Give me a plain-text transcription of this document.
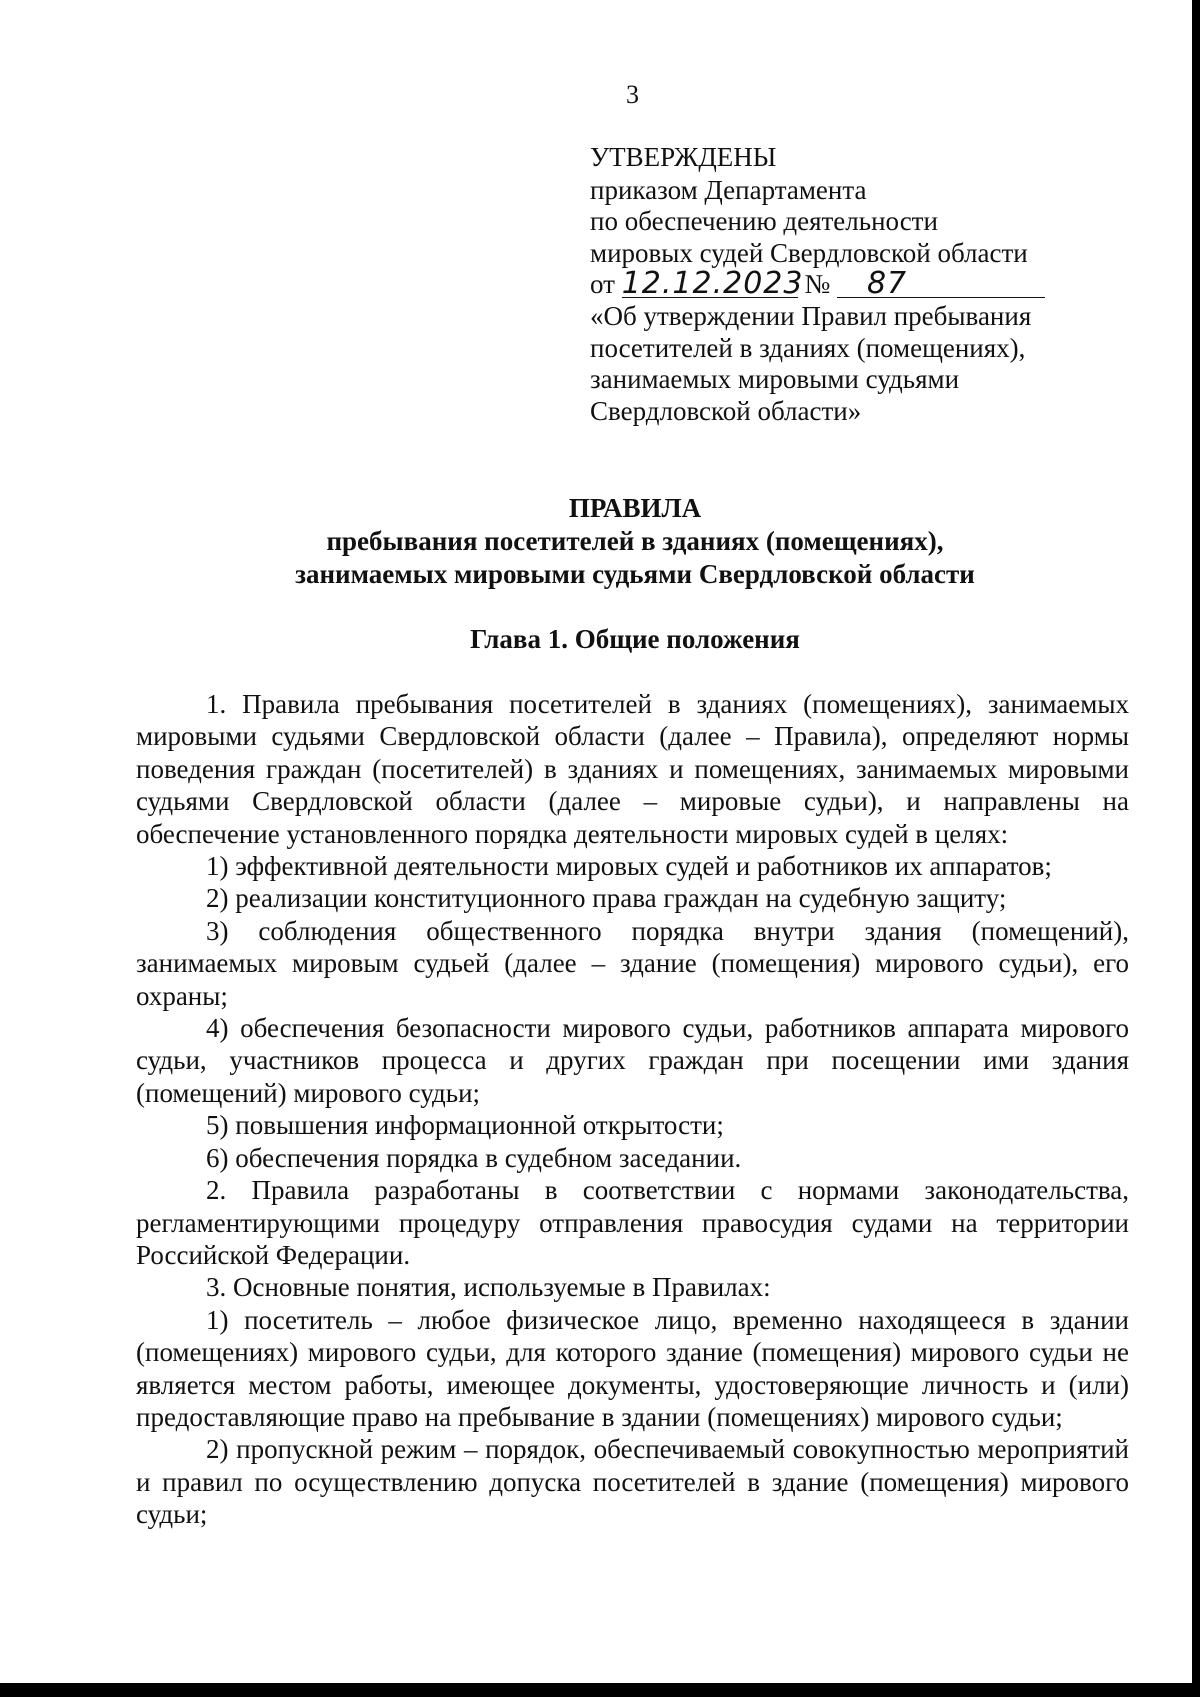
3
УТВЕРЖДЕНЫ
приказом Департамента
по обеспечению деятельности
мировых судей Свердловской области
от 12.12.2023 № 87
«Об утверждении Правил пребывания
посетителей в зданиях (помещениях),
занимаемых мировыми судьями
Свердловской области»
ПРАВИЛА
пребывания посетителей в зданиях (помещениях),
занимаемых мировыми судьями Свердловской области
Глава 1. Общие положения

1. Правила пребывания посетителей в зданиях (помещениях), занимаемых мировыми судьями Свердловской области (далее – Правила), определяют нормы поведения граждан (посетителей) в зданиях и помещениях, занимаемых мировыми судьями Свердловской области (далее – мировые судьи), и направлены на обеспечение установленного порядка деятельности мировых судей в целях:

1) эффективной деятельности мировых судей и работников их аппаратов;

2) реализации конституционного права граждан на судебную защиту;

3) соблюдения общественного порядка внутри здания (помещений), занимаемых мировым судьей (далее – здание (помещения) мирового судьи), его охраны;

4) обеспечения безопасности мирового судьи, работников аппарата мирового судьи, участников процесса и других граждан при посещении ими здания (помещений) мирового судьи;

5) повышения информационной открытости;

6) обеспечения порядка в судебном заседании.

2. Правила разработаны в соответствии с нормами законодательства, регламентирующими процедуру отправления правосудия судами на территории Российской Федерации.

3. Основные понятия, используемые в Правилах:

1) посетитель – любое физическое лицо, временно находящееся в здании (помещениях) мирового судьи, для которого здание (помещения) мирового судьи не является местом работы, имеющее документы, удостоверяющие личность и (или) предоставляющие право на пребывание в здании (помещениях) мирового судьи;

2) пропускной режим – порядок, обеспечиваемый совокупностью мероприятий и правил по осуществлению допуска посетителей в здание (помещения) мирового судьи;
